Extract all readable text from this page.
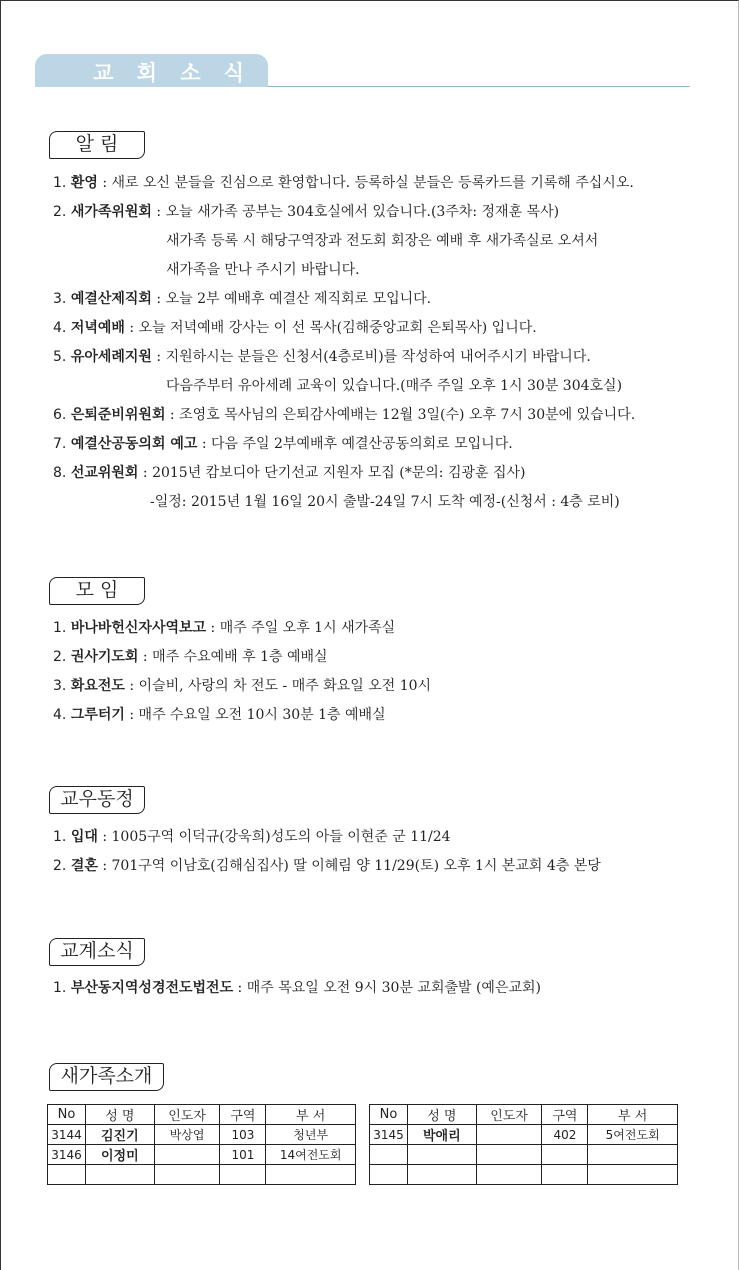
교 회 소 식
알 림
1. 환영 : 새로 오신 분들을 진심으로 환영합니다. 등록하실 분들은 등록카드를 기록해 주십시오.
2. 새가족위원회 : 오늘 새가족 공부는 304호실에서 있습니다.(3주차: 정재훈 목사)
새가족 등록 시 해당구역장과 전도회 회장은 예배 후 새가족실로 오셔서
새가족을 만나 주시기 바랍니다.
3. 예결산제직회 : 오늘 2부 예배후 예결산 제직회로 모입니다.
4. 저녁예배 : 오늘 저녁예배 강사는 이 선 목사(김해중앙교회 은퇴목사) 입니다.
5. 유아세례지원 : 지원하시는 분들은 신청서(4층로비)를 작성하여 내어주시기 바랍니다.
다음주부터 유아세례 교육이 있습니다.(매주 주일 오후 1시 30분 304호실)
6. 은퇴준비위원회 : 조영호 목사님의 은퇴감사예배는 12월 3일(수) 오후 7시 30분에 있습니다.
7. 예결산공동의회 예고 : 다음 주일 2부예배후 예결산공동의회로 모입니다.
8. 선교위원회 : 2015년 캄보디아 단기선교 지원자 모집 (*문의: 김광훈 집사)
-일정: 2015년 1월 16일 20시 출발-24일 7시 도착 예정-(신청서 : 4층 로비)
모 임
1. 바나바헌신자사역보고 : 매주 주일 오후 1시 새가족실
2. 권사기도회 : 매주 수요예배 후 1층 예배실
3. 화요전도 : 이슬비, 사랑의 차 전도 - 매주 화요일 오전 10시
4. 그루터기 : 매주 수요일 오전 10시 30분 1층 예배실
교우동정
1. 입대 : 1005구역 이덕규(강욱희)성도의 아들 이현준 군 11/24
2. 결혼 : 701구역 이남호(김해심집사) 딸 이혜림 양 11/29(토) 오후 1시 본교회 4층 본당
교계소식
1. 부산동지역성경전도법전도 : 매주 목요일 오전 9시 30분 교회출발 (예은교회)
새가족소개
No	성 명	인도자	구역	부 서
3144	김진기	박상엽	103	청년부
3146	이정미		101	14여전도회

No	성 명	인도자	구역	부 서
3145	박애리		402	5여전도회
